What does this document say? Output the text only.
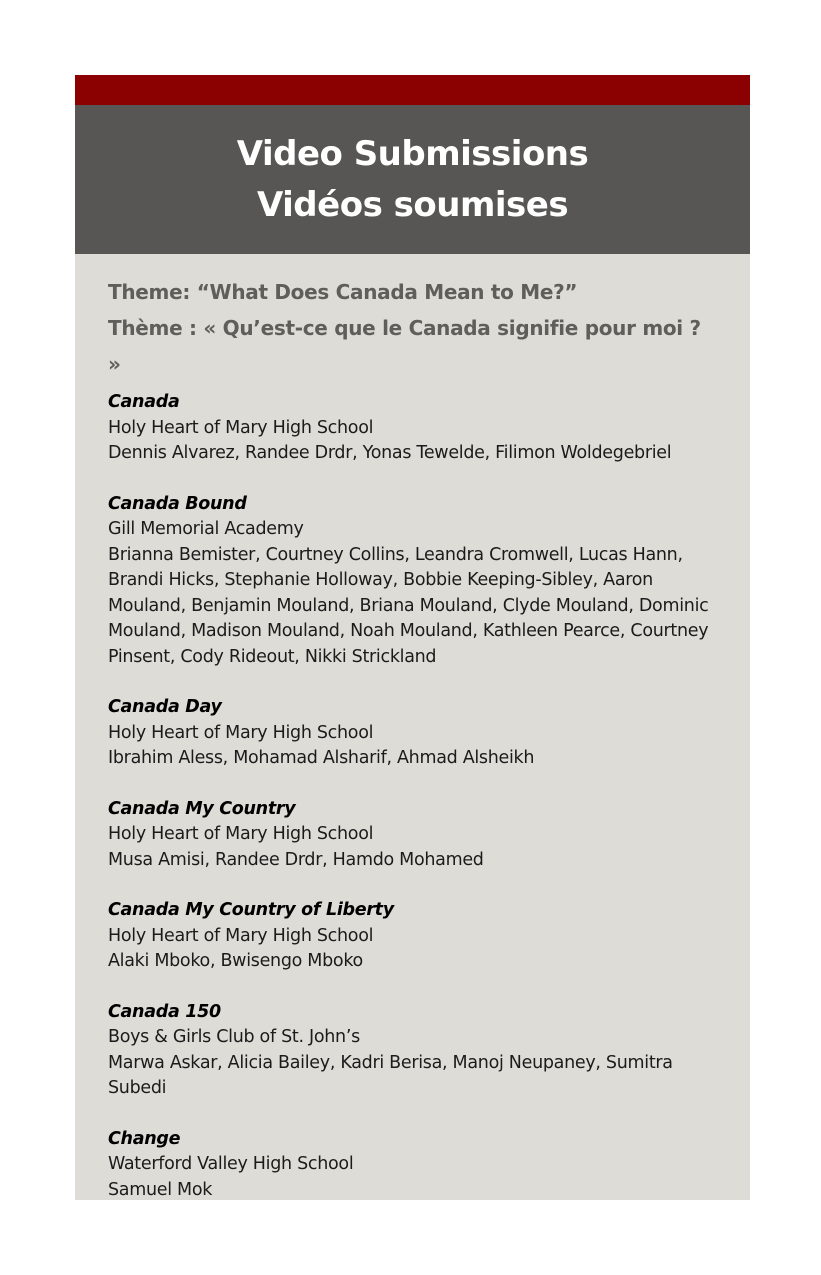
Video Submissions
Vidéos soumises
Theme: “What Does Canada Mean to Me?”
Thème : « Qu’est-ce que le Canada signifie pour moi ? »
Canada
Holy Heart of Mary High School
Dennis Alvarez, Randee Drdr, Yonas Tewelde, Filimon Woldegebriel
Canada Bound
Gill Memorial Academy
Brianna Bemister, Courtney Collins, Leandra Cromwell, Lucas Hann, Brandi Hicks, Stephanie Holloway, Bobbie Keeping-Sibley, Aaron Mouland, Benjamin Mouland, Briana Mouland, Clyde Mouland, Dominic Mouland, Madison Mouland, Noah Mouland, Kathleen Pearce, Courtney Pinsent, Cody Rideout, Nikki Strickland
Canada Day
Holy Heart of Mary High School
Ibrahim Aless, Mohamad Alsharif, Ahmad Alsheikh
Canada My Country
Holy Heart of Mary High School
Musa Amisi, Randee Drdr, Hamdo Mohamed
Canada My Country of Liberty
Holy Heart of Mary High School
Alaki Mboko, Bwisengo Mboko
Canada 150
Boys & Girls Club of St. John’s
Marwa Askar, Alicia Bailey, Kadri Berisa, Manoj Neupaney, Sumitra Subedi
Change
Waterford Valley High School
Samuel Mok
